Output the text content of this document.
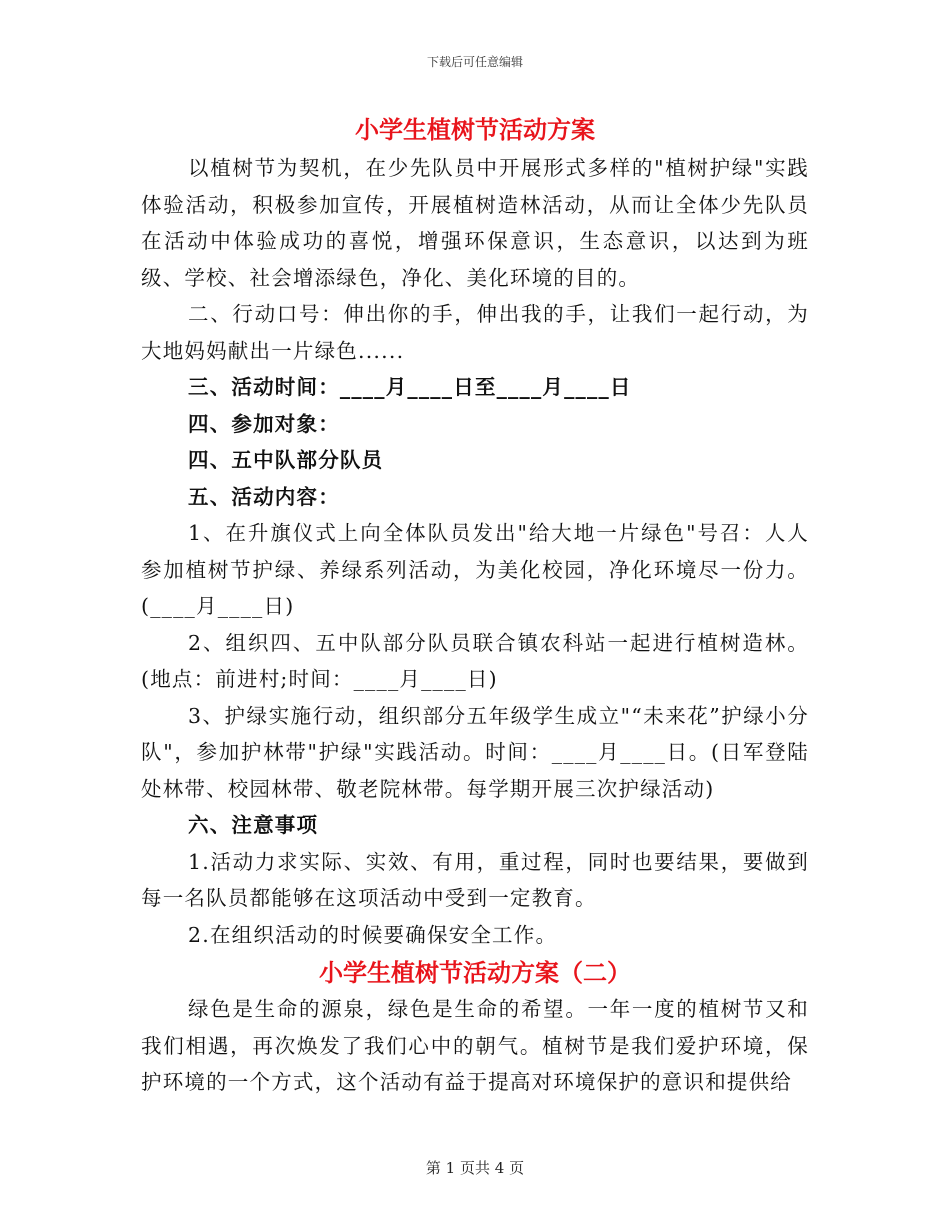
下载后可任意编辑
小学生植树节活动方案

以植树节为契机，在少先队员中开展形式多样的"植树护绿"实践体验活动，积极参加宣传，开展植树造林活动，从而让全体少先队员在活动中体验成功的喜悦，增强环保意识，生态意识，以达到为班级、学校、社会增添绿色，净化、美化环境的目的。

二、行动口号：伸出你的手，伸出我的手，让我们一起行动，为大地妈妈献出一片绿色......

三、活动时间：____月____日至____月____日

四、参加对象：

四、五中队部分队员

五、活动内容：

1、在升旗仪式上向全体队员发出"给大地一片绿色"号召：人人参加植树节护绿、养绿系列活动，为美化校园，净化环境尽一份力。(____月____日)

2、组织四、五中队部分队员联合镇农科站一起进行植树造林。(地点：前进村;时间：____月____日)

3、护绿实施行动，组织部分五年级学生成立"“未来花”护绿小分队"，参加护林带"护绿"实践活动。时间：____月____日。(日军登陆处林带、校园林带、敬老院林带。每学期开展三次护绿活动)

六、注意事项

1.活动力求实际、实效、有用，重过程，同时也要结果，要做到每一名队员都能够在这项活动中受到一定教育。

2.在组织活动的时候要确保安全工作。

小学生植树节活动方案（二）

绿色是生命的源泉，绿色是生命的希望。一年一度的植树节又和我们相遇，再次焕发了我们心中的朝气。植树节是我们爱护环境，保护环境的一个方式，这个活动有益于提高对环境保护的意识和提供给

第 1 页共 4 页
